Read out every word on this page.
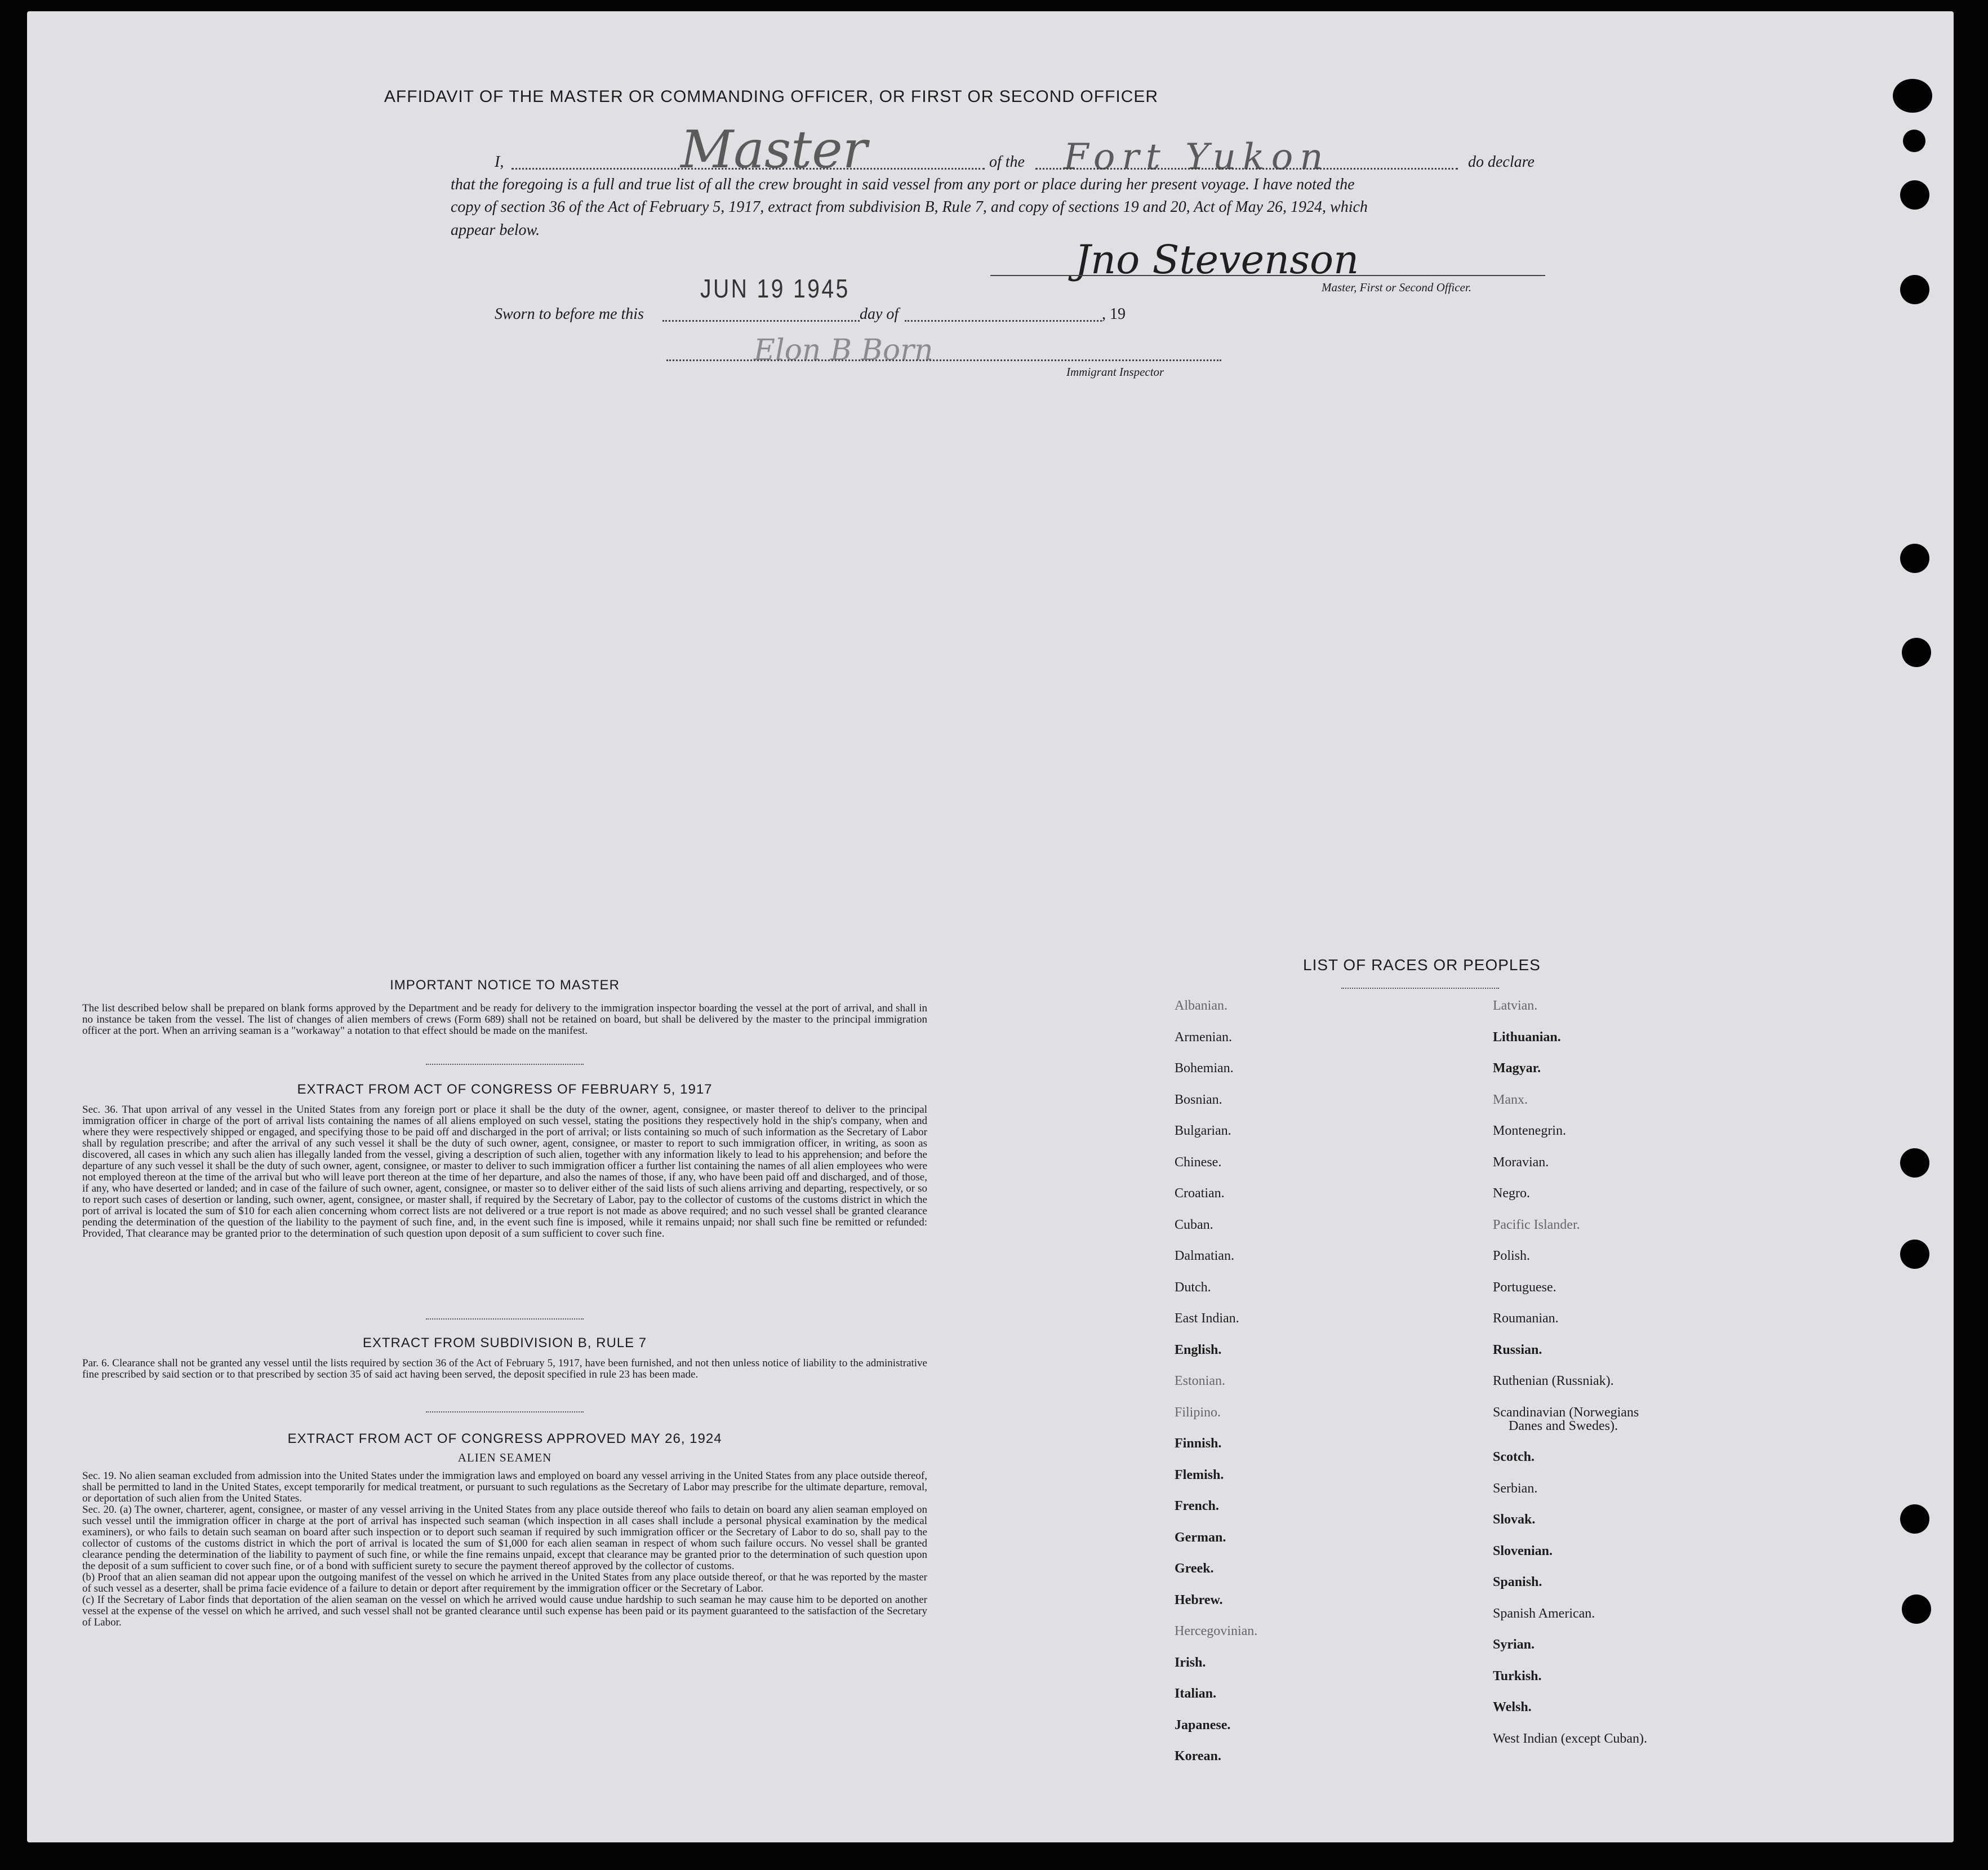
AFFIDAVIT OF THE MASTER OR COMMANDING OFFICER, OR FIRST OR SECOND OFFICER
I,	Master	of the Fort Yukon	do declare
that the foregoing is a full and true list of all the crew brought in said vessel from any port or place during her present voyage. I have noted the
copy of section 36 of the Act of February 5, 1917, extract from subdivision B, Rule 7, and copy of sections 19 and 20, Act of May 26, 1924, which
appear below.
Jno Stevenson
Master, First or Second Officer.
JUN 19 1945
Sworn to before me this	day of	, 19
Elon B Born
Immigrant Inspector
IMPORTANT NOTICE TO MASTER

The list described below shall be prepared on blank forms approved by the Department and be ready for delivery to the immigration inspector boarding the vessel at the port of arrival, and shall in no instance be taken from the vessel. The list of changes of alien members of crews (Form 689) shall not be retained on board, but shall be delivered by the master to the principal immigration officer at the port. When an arriving seaman is a "workaway" a notation to that effect should be made on the manifest.

EXTRACT FROM ACT OF CONGRESS OF FEBRUARY 5, 1917

Sec. 36. That upon arrival of any vessel in the United States from any foreign port or place it shall be the duty of the owner, agent, consignee, or master thereof to deliver to the principal immigration officer in charge of the port of arrival lists containing the names of all aliens employed on such vessel, stating the positions they respectively hold in the ship's company, when and where they were respectively shipped or engaged, and specifying those to be paid off and discharged in the port of arrival; or lists containing so much of such information as the Secretary of Labor shall by regulation prescribe; and after the arrival of any such vessel it shall be the duty of such owner, agent, consignee, or master to report to such immigration officer, in writing, as soon as discovered, all cases in which any such alien has illegally landed from the vessel, giving a description of such alien, together with any information likely to lead to his apprehension; and before the departure of any such vessel it shall be the duty of such owner, agent, consignee, or master to deliver to such immigration officer a further list containing the names of all alien employees who were not employed thereon at the time of the arrival but who will leave port thereon at the time of her departure, and also the names of those, if any, who have been paid off and discharged, and of those, if any, who have deserted or landed; and in case of the failure of such owner, agent, consignee, or master so to deliver either of the said lists of such aliens arriving and departing, respectively, or so to report such cases of desertion or landing, such owner, agent, consignee, or master shall, if required by the Secretary of Labor, pay to the collector of customs of the customs district in which the port of arrival is located the sum of $10 for each alien concerning whom correct lists are not delivered or a true report is not made as above required; and no such vessel shall be granted clearance pending the determination of the question of the liability to the payment of such fine, and, in the event such fine is imposed, while it remains unpaid; nor shall such fine be remitted or refunded: Provided, That clearance may be granted prior to the determination of such question upon deposit of a sum sufficient to cover such fine.

EXTRACT FROM SUBDIVISION B, RULE 7

Par. 6. Clearance shall not be granted any vessel until the lists required by section 36 of the Act of February 5, 1917, have been furnished, and not then unless notice of liability to the administrative fine prescribed by said section or to that prescribed by section 35 of said act having been served, the deposit specified in rule 23 has been made.

EXTRACT FROM ACT OF CONGRESS APPROVED MAY 26, 1924
ALIEN SEAMEN

Sec. 19. No alien seaman excluded from admission into the United States under the immigration laws and employed on board any vessel arriving in the United States from any place outside thereof, shall be permitted to land in the United States, except temporarily for medical treatment, or pursuant to such regulations as the Secretary of Labor may prescribe for the ultimate departure, removal, or deportation of such alien from the United States.

Sec. 20. (a) The owner, charterer, agent, consignee, or master of any vessel arriving in the United States from any place outside thereof who fails to detain on board any alien seaman employed on such vessel until the immigration officer in charge at the port of arrival has inspected such seaman (which inspection in all cases shall include a personal physical examination by the medical examiners), or who fails to detain such seaman on board after such inspection or to deport such seaman if required by such immigration officer or the Secretary of Labor to do so, shall pay to the collector of customs of the customs district in which the port of arrival is located the sum of $1,000 for each alien seaman in respect of whom such failure occurs. No vessel shall be granted clearance pending the determination of the liability to payment of such fine, or while the fine remains unpaid, except that clearance may be granted prior to the determination of such question upon the deposit of a sum sufficient to cover such fine, or of a bond with sufficient surety to secure the payment thereof approved by the collector of customs.

(b) Proof that an alien seaman did not appear upon the outgoing manifest of the vessel on which he arrived in the United States from any place outside thereof, or that he was reported by the master of such vessel as a deserter, shall be prima facie evidence of a failure to detain or deport after requirement by the immigration officer or the Secretary of Labor.

(c) If the Secretary of Labor finds that deportation of the alien seaman on the vessel on which he arrived would cause undue hardship to such seaman he may cause him to be deported on another vessel at the expense of the vessel on which he arrived, and such vessel shall not be granted clearance until such expense has been paid or its payment guaranteed to the satisfaction of the Secretary of Labor.

LIST OF RACES OR PEOPLES
Albanian.
Armenian.
Bohemian.
Bosnian.
Bulgarian.
Chinese.
Croatian.
Cuban.
Dalmatian.
Dutch.
East Indian.
English.
Estonian.
Filipino.
Finnish.
Flemish.
French.
German.
Greek.
Hebrew.
Hercegovinian.
Irish.
Italian.
Japanese.
Korean.
Latvian.
Lithuanian.
Magyar.
Manx.
Montenegrin.
Moravian.
Negro.
Pacific Islander.
Polish.
Portuguese.
Roumanian.
Russian.
Ruthenian (Russniak).
Scandinavian (Norwegians
Danes and Swedes).
Scotch.
Serbian.
Slovak.
Slovenian.
Spanish.
Spanish American.
Syrian.
Turkish.
Welsh.
West Indian (except Cuban).
